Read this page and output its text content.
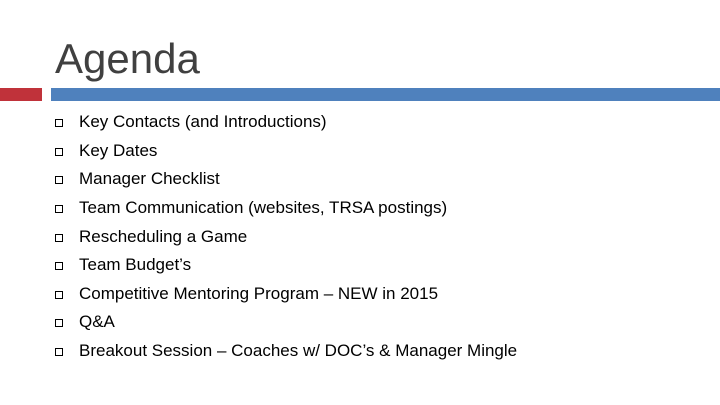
Agenda
Key Contacts (and Introductions)
Key Dates
Manager Checklist
Team Communication (websites, TRSA postings)
Rescheduling a Game
Team Budget’s
Competitive Mentoring Program – NEW in 2015
Q&A
Breakout Session – Coaches w/ DOC’s & Manager Mingle
